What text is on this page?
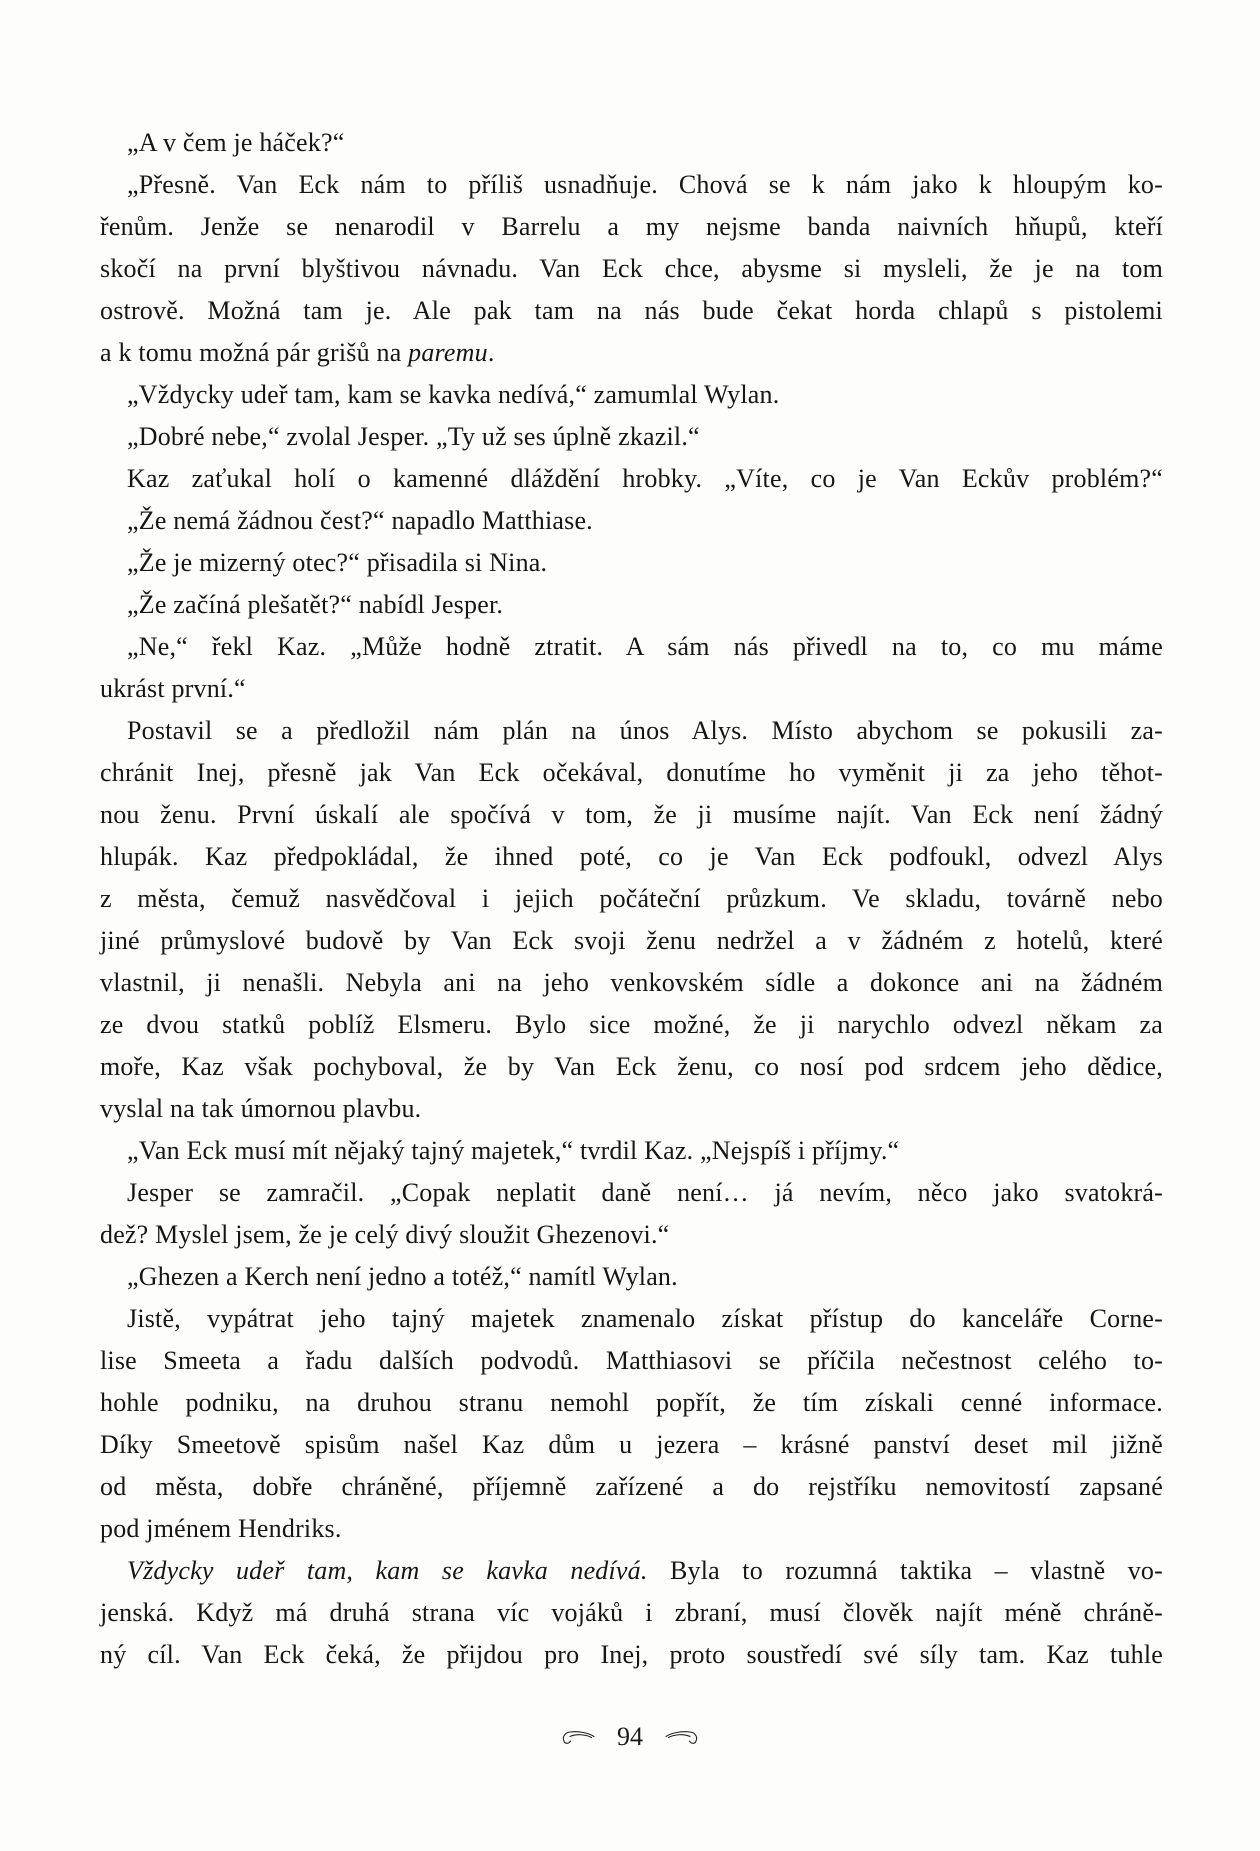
„A v čem je háček?“
„Přesně. Van Eck nám to příliš usnadňuje. Chová se k nám jako k hloupým ko-
řenům. Jenže se nenarodil v Barrelu a my nejsme banda naivních hňupů, kteří
skočí na první blyštivou návnadu. Van Eck chce, abysme si mysleli, že je na tom
ostrově. Možná tam je. Ale pak tam na nás bude čekat horda chlapů s pistolemi
a k tomu možná pár grišů na paremu.
„Vždycky udeř tam, kam se kavka nedívá,“ zamumlal Wylan.
„Dobré nebe,“ zvolal Jesper. „Ty už ses úplně zkazil.“
Kaz zaťukal holí o kamenné dláždění hrobky. „Víte, co je Van Eckův problém?“
„Že nemá žádnou čest?“ napadlo Matthiase.
„Že je mizerný otec?“ přisadila si Nina.
„Že začíná plešatět?“ nabídl Jesper.
„Ne,“ řekl Kaz. „Může hodně ztratit. A sám nás přivedl na to, co mu máme
ukrást první.“
Postavil se a předložil nám plán na únos Alys. Místo abychom se pokusili za-
chránit Inej, přesně jak Van Eck očekával, donutíme ho vyměnit ji za jeho těhot-
nou ženu. První úskalí ale spočívá v tom, že ji musíme najít. Van Eck není žádný
hlupák. Kaz předpokládal, že ihned poté, co je Van Eck podfoukl, odvezl Alys
z města, čemuž nasvědčoval i jejich počáteční průzkum. Ve skladu, továrně nebo
jiné průmyslové budově by Van Eck svoji ženu nedržel a v žádném z hotelů, které
vlastnil, ji nenašli. Nebyla ani na jeho venkovském sídle a dokonce ani na žádném
ze dvou statků poblíž Elsmeru. Bylo sice možné, že ji narychlo odvezl někam za
moře, Kaz však pochyboval, že by Van Eck ženu, co nosí pod srdcem jeho dědice,
vyslal na tak úmornou plavbu.
„Van Eck musí mít nějaký tajný majetek,“ tvrdil Kaz. „Nejspíš i příjmy.“
Jesper se zamračil. „Copak neplatit daně není… já nevím, něco jako svatokrá-
dež? Myslel jsem, že je celý divý sloužit Ghezenovi.“
„Ghezen a Kerch není jedno a totéž,“ namítl Wylan.
Jistě, vypátrat jeho tajný majetek znamenalo získat přístup do kanceláře Corne-
lise Smeeta a řadu dalších podvodů. Matthiasovi se příčila nečestnost celého to-
hohle podniku, na druhou stranu nemohl popřít, že tím získali cenné informace.
Díky Smeetově spisům našel Kaz dům u jezera – krásné panství deset mil jižně
od města, dobře chráněné, příjemně zařízené a do rejstříku nemovitostí zapsané
pod jménem Hendriks.
Vždycky udeř tam, kam se kavka nedívá. Byla to rozumná taktika – vlastně vo-
jenská. Když má druhá strana víc vojáků i zbraní, musí člověk najít méně chráně-
ný cíl. Van Eck čeká, že přijdou pro Inej, proto soustředí své síly tam. Kaz tuhle
94
